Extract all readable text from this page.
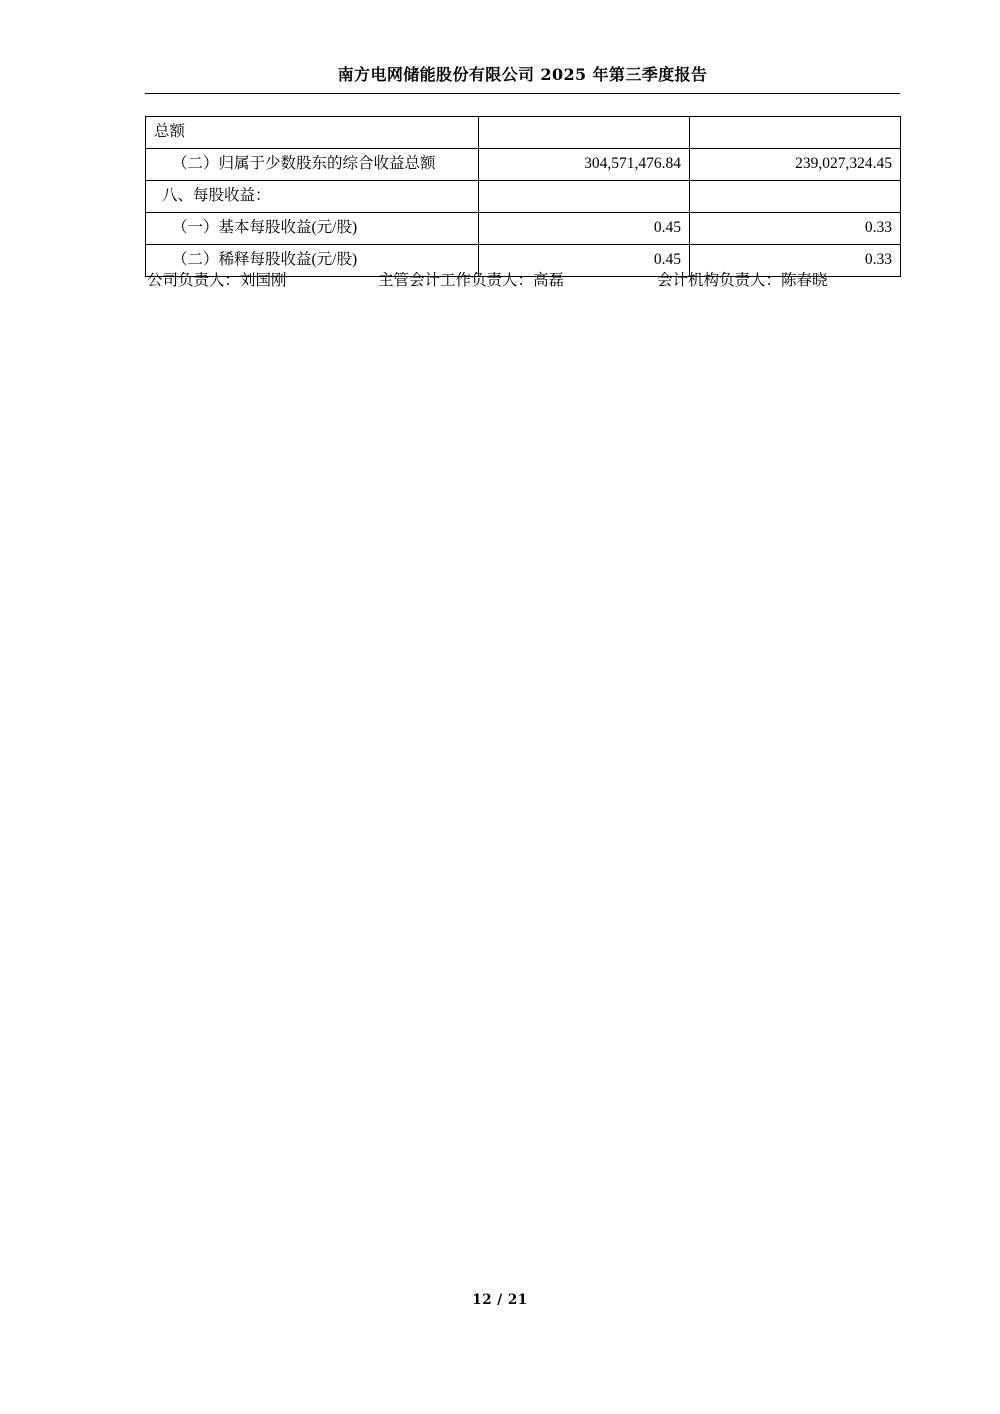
南方电网储能股份有限公司 2025 年第三季度报告
总额		
（二）归属于少数股东的综合收益总额	304,571,476.84	239,027,324.45
八、每股收益：		
（一）基本每股收益(元/股)	0.45	0.33
（二）稀释每股收益(元/股)	0.45	0.33
公司负责人：刘国刚	主管会计工作负责人：高磊	会计机构负责人：陈春晓
12 / 21
